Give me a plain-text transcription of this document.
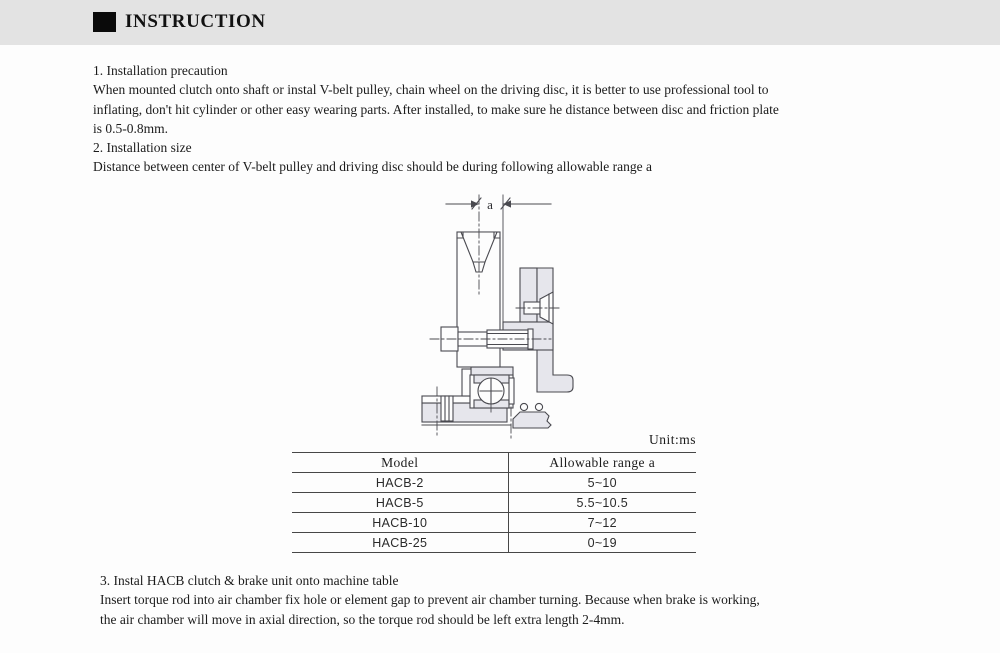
INSTRUCTION
1. Installation precaution
When mounted clutch onto shaft or instal V-belt pulley, chain wheel on the driving disc, it is better to use professional tool to
inflating, don't hit cylinder or other easy wearing parts. After installed, to make sure he distance between disc and friction plate
is 0.5-0.8mm.
2. Installation size
Distance between center of V-belt pulley and driving disc should be during following allowable range a
a
Unit:ms
Model	Allowable range a
HACB-2	5~10
HACB-5	5.5~10.5
HACB-10	7~12
HACB-25	0~19
3. Instal HACB clutch & brake unit onto machine table
Insert torque rod into air chamber fix hole or element gap to prevent air chamber turning. Because when brake is working,
the air chamber will move in axial direction, so the torque rod should be left extra length 2-4mm.
